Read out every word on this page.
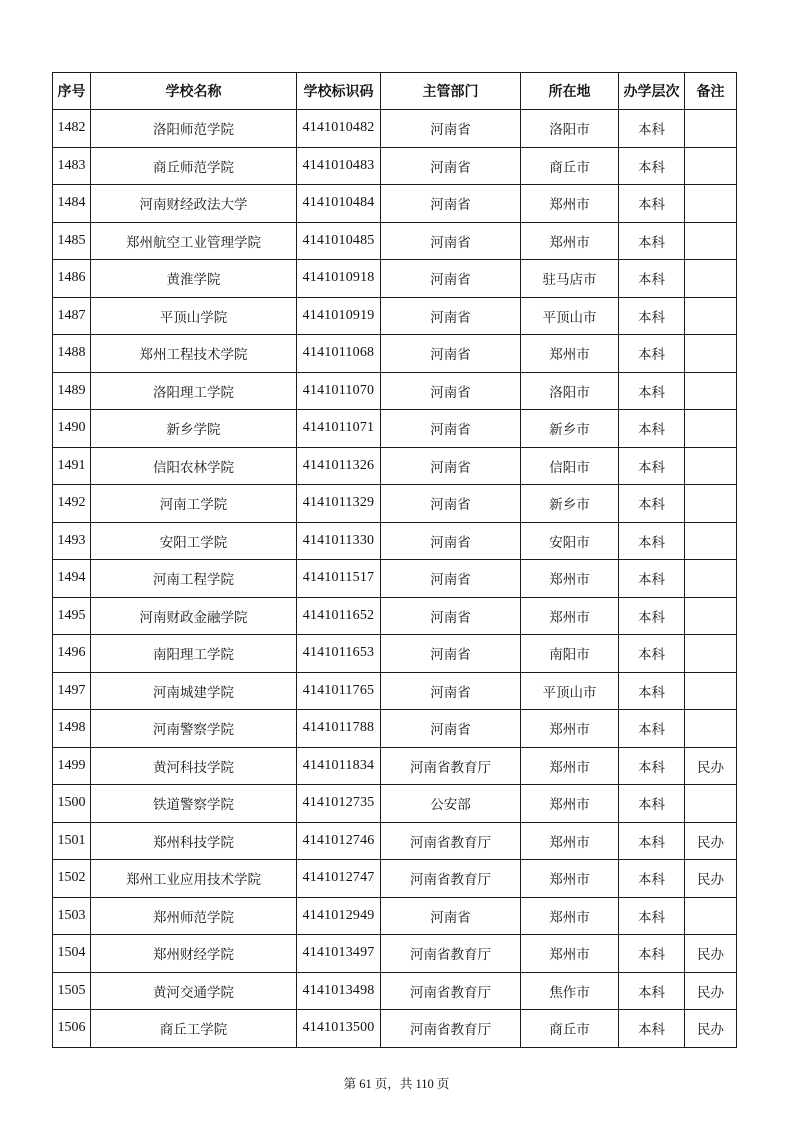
序号	学校名称	学校标识码	主管部门	所在地	办学层次	备注
1482	洛阳师范学院	4141010482	河南省	洛阳市	本科	
1483	商丘师范学院	4141010483	河南省	商丘市	本科	
1484	河南财经政法大学	4141010484	河南省	郑州市	本科	
1485	郑州航空工业管理学院	4141010485	河南省	郑州市	本科	
1486	黄淮学院	4141010918	河南省	驻马店市	本科	
1487	平顶山学院	4141010919	河南省	平顶山市	本科	
1488	郑州工程技术学院	4141011068	河南省	郑州市	本科	
1489	洛阳理工学院	4141011070	河南省	洛阳市	本科	
1490	新乡学院	4141011071	河南省	新乡市	本科	
1491	信阳农林学院	4141011326	河南省	信阳市	本科	
1492	河南工学院	4141011329	河南省	新乡市	本科	
1493	安阳工学院	4141011330	河南省	安阳市	本科	
1494	河南工程学院	4141011517	河南省	郑州市	本科	
1495	河南财政金融学院	4141011652	河南省	郑州市	本科	
1496	南阳理工学院	4141011653	河南省	南阳市	本科	
1497	河南城建学院	4141011765	河南省	平顶山市	本科	
1498	河南警察学院	4141011788	河南省	郑州市	本科	
1499	黄河科技学院	4141011834	河南省教育厅	郑州市	本科	民办
1500	铁道警察学院	4141012735	公安部	郑州市	本科	
1501	郑州科技学院	4141012746	河南省教育厅	郑州市	本科	民办
1502	郑州工业应用技术学院	4141012747	河南省教育厅	郑州市	本科	民办
1503	郑州师范学院	4141012949	河南省	郑州市	本科	
1504	郑州财经学院	4141013497	河南省教育厅	郑州市	本科	民办
1505	黄河交通学院	4141013498	河南省教育厅	焦作市	本科	民办
1506	商丘工学院	4141013500	河南省教育厅	商丘市	本科	民办
第 61 页，共 110 页
